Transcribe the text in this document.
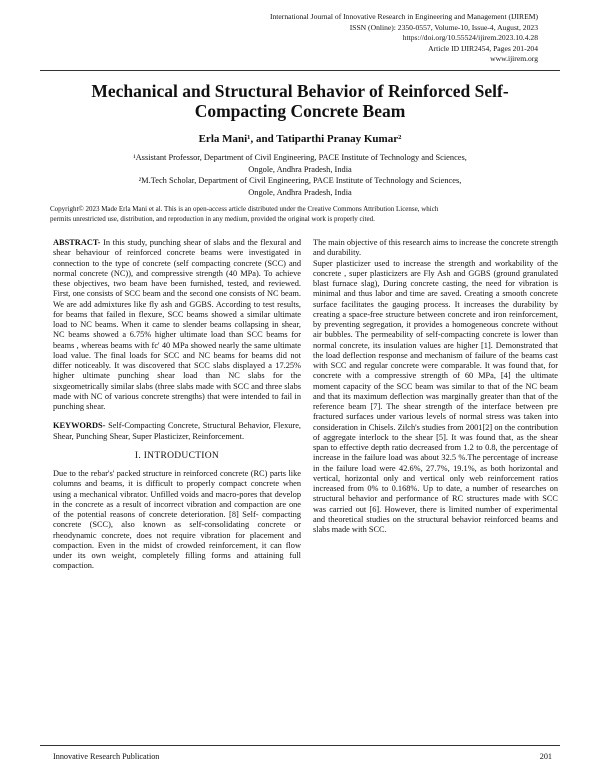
International Journal of Innovative Research in Engineering and Management (IJIREM)
ISSN (Online): 2350-0557, Volume-10, Issue-4, August, 2023
https://doi.org/10.55524/ijirem.2023.10.4.28
Article ID IJIR2454, Pages 201-204
www.ijirem.org
Mechanical and Structural Behavior of Reinforced Self-Compacting Concrete Beam
Erla Mani¹, and Tatiparthi Pranay Kumar²
¹Assistant Professor, Department of Civil Engineering, PACE Institute of Technology and Sciences,
Ongole, Andhra Pradesh, India
²M.Tech Scholar, Department of Civil Engineering, PACE Institute of Technology and Sciences,
Ongole, Andhra Pradesh, India
Copyright© 2023 Made Erla Mani et al. This is an open-access article distributed under the Creative Commons Attribution License, which
permits unrestricted use, distribution, and reproduction in any medium, provided the original work is properly cited.

ABSTRACT- In this study, punching shear of slabs and the flexural and shear behaviour of reinforced concrete beams were investigated in connection to the type of concrete (self compacting concrete (SCC) and normal concrete (NC)), and compressive strength (40 MPa). To achieve these objectives, two beam have been furnished, tested, and reviewed. First, one consists of SCC beam and the second one consists of NC beam. We are add admixtures like fly ash and GGBS. According to test results, for beams that failed in flexure, SCC beams showed a similar ultimate load to NC beams. When it came to slender beams collapsing in shear, NC beams showed a 6.75% higher ultimate load than SCC beams for beams , whereas beams with fc' 40 MPa showed nearly the same ultimate load value. The final loads for SCC and NC beams for beams did not differ noticeably. It was discovered that SCC slabs displayed a 17.25% higher ultimate punching shear load than NC slabs for the sixgeometrically similar slabs (three slabs made with SCC and three slabs made with NC of various concrete strengths) that were intended to fail in punching shear.

KEYWORDS- Self-Compacting Concrete, Structural Behavior, Flexure, Shear, Punching Shear, Super Plasticizer, Reinforcement.

I. INTRODUCTION

Due to the rebar's' packed structure in reinforced concrete (RC) parts like columns and beams, it is difficult to properly compact concrete when using a mechanical vibrator. Unfilled voids and macro-pores that develop in the concrete as a result of incorrect vibration and compaction are one of the potential reasons of concrete deterioration. [8] Self- compacting concrete (SCC), also known as self-consolidating concrete or rheodynamic concrete, does not require vibration for placement and compaction. Even in the midst of crowded reinforcement, it can flow under its own weight, completely filling forms and attaining full compaction.

The main objective of this research aims to increase the concrete strength and durability.

Super plasticizer used to increase the strength and workability of the concrete , super plasticizers are Fly Ash and GGBS (ground granulated blast furnace slag), During concrete casting, the need for vibration is minimal and thus labor and time are saved. Creating a smooth concrete surface facilitates the gauging process. It increases the durability by creating a space-free structure between concrete and iron reinforcement, by preventing segregation, it provides a homogeneous concrete without air bubbles. The permeability of self-compacting concrete is lower than normal concrete, its insulation values are higher [1]. Demonstrated that the load deflection response and mechanism of failure of the beams cast with SCC and regular concrete were comparable. It was found that, for concrete with a compressive strength of 60 MPa, [4] the ultimate moment capacity of the SCC beam was similar to that of the NC beam and that its maximum deflection was marginally greater than that of the reference beam [7]. The shear strength of the interface between pre fractured surfaces under various levels of normal stress was taken into consideration in Chisels. Zilch's studies from 2001[2] on the contribution of aggregate interlock to the shear [5]. It was found that, as the shear span to effective depth ratio decreased from 1.2 to 0.8, the percentage of increase in the failure load was about 32.5 %.The percentage of increase in the failure load were 42.6%, 27.7%, 19.1%, as both horizontal and vertical, horizontal only and vertical only web reinforcement ratios increased from 0% to 0.168%. Up to date, a number of researches on structural behavior and performance of RC structures made with SCC was carried out [6]. However, there is limited number of experimental and theoretical studies on the structural behavior reinforced beams and slabs made with SCC.

Innovative Research Publication	201
